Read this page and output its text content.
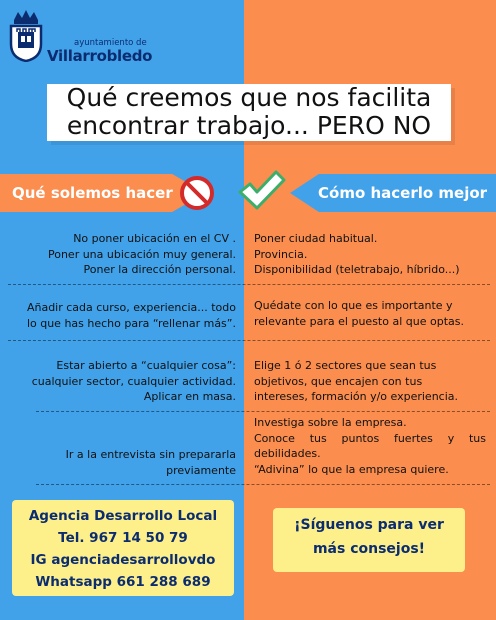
ayuntamiento de
Villarrobledo
Qué creemos que nos facilita
encontrar trabajo... PERO NO
Qué solemos hacer	Cómo hacerlo mejor
No poner ubicación en el CV .
Poner una ubicación muy general.
Poner la dirección personal.
Poner ciudad habitual.
Provincia.
Disponibilidad (teletrabajo, híbrido...)
Añadir cada curso, experiencia... todo
lo que has hecho para “rellenar más”.
Quédate con lo que es importante y
relevante para el puesto al que optas.
Estar abierto a “cualquier cosa”:
cualquier sector, cualquier actividad.
Aplicar en masa.
Elige 1 ó 2 sectores que sean tus
objetivos, que encajen con tus
intereses, formación y/o experiencia.
Ir a la entrevista sin prepararla
previamente
Investiga sobre la empresa.
Conoce tus puntos fuertes y tus
debilidades.
“Adivina” lo que la empresa quiere.
Agencia Desarrollo Local
Tel. 967 14 50 79
IG agenciadesarrollovdo
Whatsapp 661 288 689
¡Síguenos para ver
más consejos!
